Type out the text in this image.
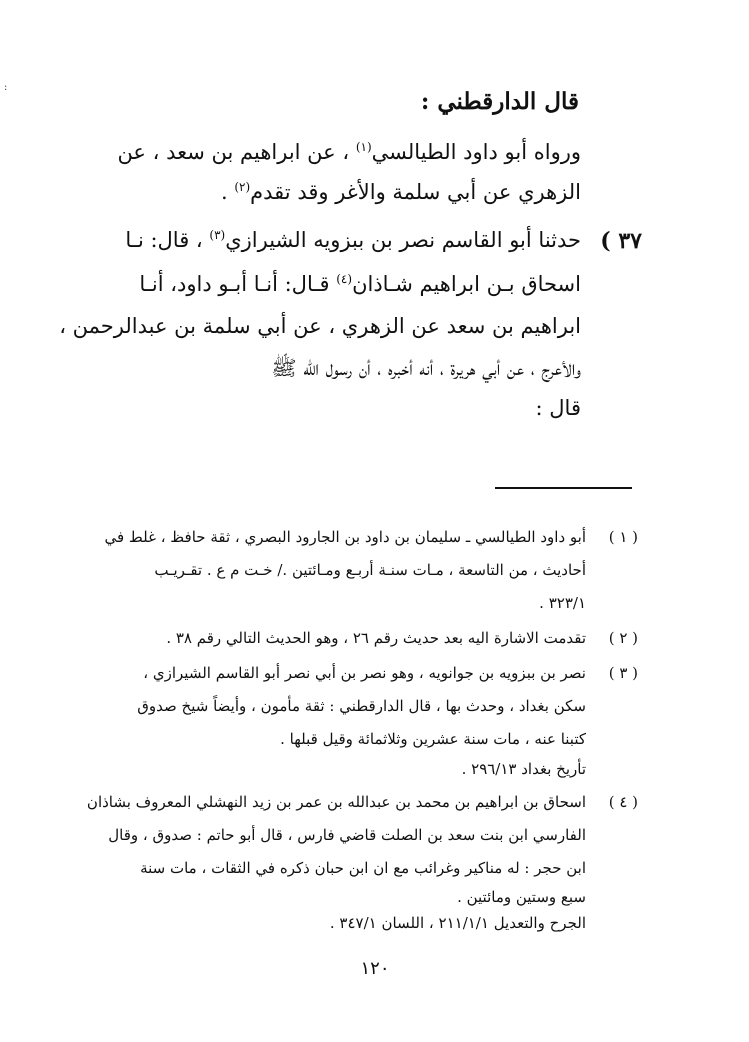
:
قال الدارقطني :
ورواه أبو داود الطيالسي$^{(١)}$ ، عن ابراهيم بن سعد ، عن
الزهري عن أبي سلمة والأغر وقد تقدم$^{(٢)}$ .
٣٧ )
حدثنا أبو القاسم نصر بن ببزويه الشيرازي$^{(٣)}$ ، قال: نـا
اسحاق بـن ابراهيم شـاذان$^{(٤)}$ قـال: أنـا أبـو داود، أنـا
ابراهيم بن سعد عن الزهري ، عن أبي سلمة بن عبدالرحمن ،
والأعرج ، عن أبي هريرة ، أنه أخبره ، أن رسول الله ﷺ
قال :
( ١ )
أبو داود الطيالسي ـ سليمان بن داود بن الجارود البصري ، ثقة حافظ ، غلط في
أحاديث ، من التاسعة ، مـات سنـة أربـع ومـائتين ./ خـت م ع . تقـريـب
٣٢٣/١ .
( ٢ )
تقدمت الاشارة اليه بعد حديث رقم ٢٦ ، وهو الحديث التالي رقم ٣٨ .
( ٣ )
نصر بن ببزويه بن جوانويه ، وهو نصر بن أبي نصر أبو القاسم الشيرازي ،
سكن بغداد ، وحدث بها ، قال الدارقطني : ثقة مأمون ، وأيضاً شيخ صدوق
كتبنا عنه ، مات سنة عشرين وثلاثمائة وقيل قبلها .
تأريخ بغداد ٢٩٦/١٣ .
( ٤ )
اسحاق بن ابراهيم بن محمد بن عبدالله بن عمر بن زيد النهشلي المعروف بشاذان
الفارسي ابن بنت سعد بن الصلت قاضي فارس ، قال أبو حاتم : صدوق ، وقال
ابن حجر : له مناكير وغرائب مع ان ابن حبان ذكره في الثقات ، مات سنة
سبع وستين ومائتين .
الجرح والتعديل ٢١١/١/١ ، اللسان ٣٤٧/١ .
١٢٠
